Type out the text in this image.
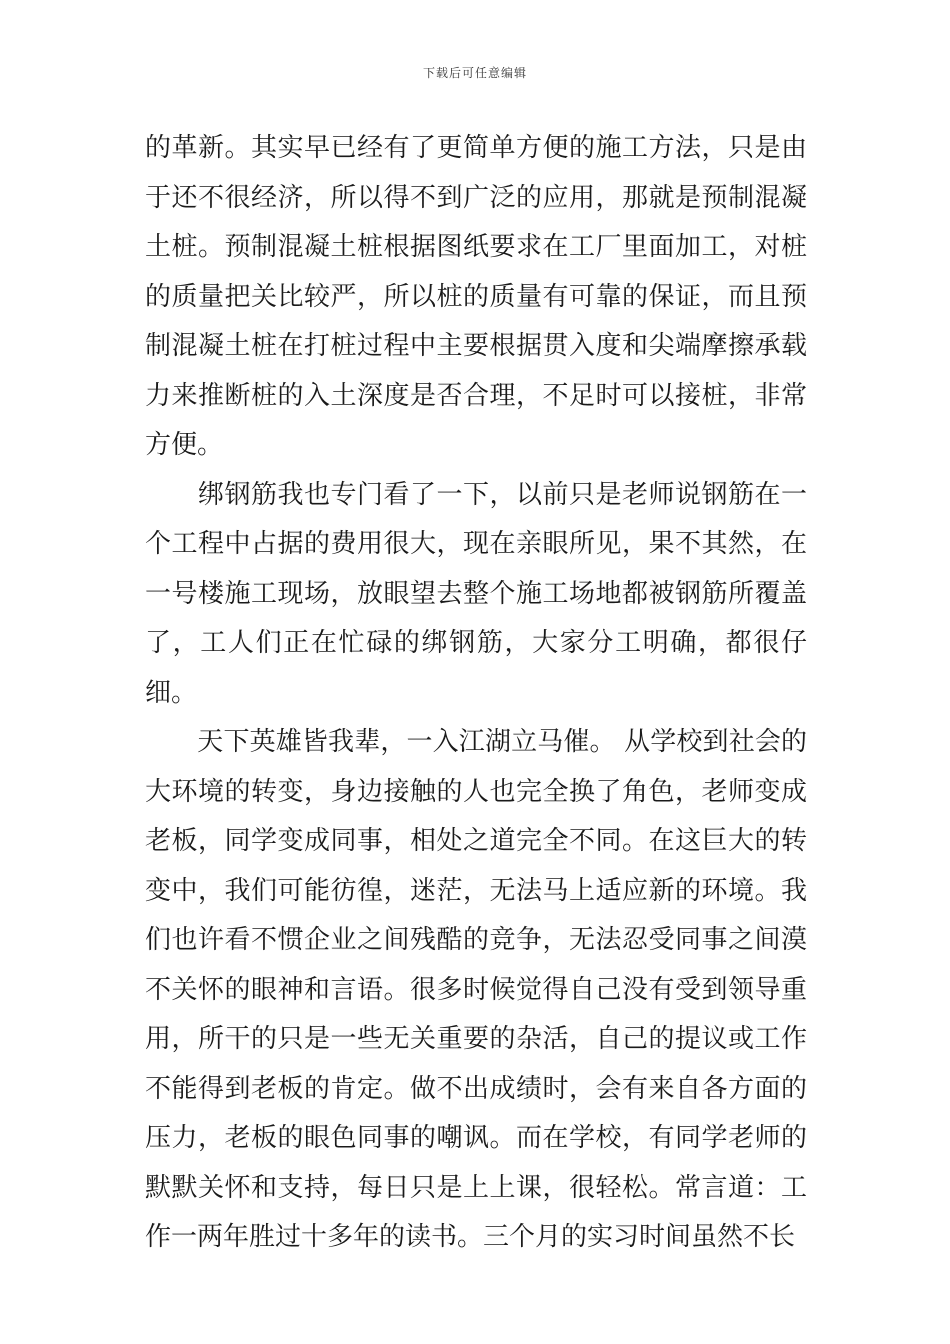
下载后可任意编辑

的革新。其实早已经有了更简单方便的施工方法，只是由于还不很经济，所以得不到广泛的应用，那就是预制混凝土桩。预制混凝土桩根据图纸要求在工厂里面加工，对桩的质量把关比较严，所以桩的质量有可靠的保证，而且预制混凝土桩在打桩过程中主要根据贯入度和尖端摩擦承载力来推断桩的入土深度是否合理，不足时可以接桩，非常方便。

　　绑钢筋我也专门看了一下，以前只是老师说钢筋在一个工程中占据的费用很大，现在亲眼所见，果不其然，在一号楼施工现场，放眼望去整个施工场地都被钢筋所覆盖了，工人们正在忙碌的绑钢筋，大家分工明确，都很仔细。

　　天下英雄皆我辈，一入江湖立马催。 从学校到社会的大环境的转变，身边接触的人也完全换了角色，老师变成老板，同学变成同事，相处之道完全不同。在这巨大的转变中，我们可能彷徨，迷茫，无法马上适应新的环境。我们也许看不惯企业之间残酷的竞争，无法忍受同事之间漠不关怀的眼神和言语。很多时候觉得自己没有受到领导重用，所干的只是一些无关重要的杂活，自己的提议或工作不能得到老板的肯定。做不出成绩时，会有来自各方面的压力，老板的眼色同事的嘲讽。而在学校，有同学老师的默默关怀和支持，每日只是上上课，很轻松。常言道：工作一两年胜过十多年的读书。三个月的实习时间虽然不长
